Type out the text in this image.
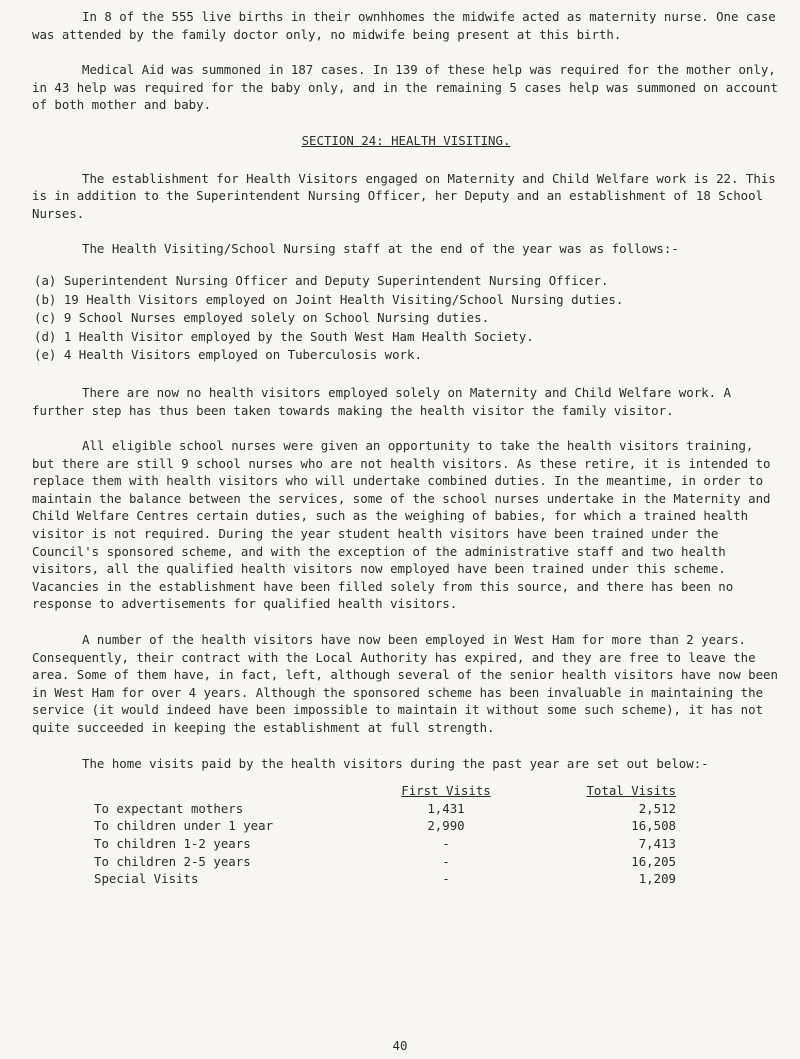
In 8 of the 555 live births in their ownhhomes the midwife acted as maternity nurse. One case was attended by the family doctor only, no midwife being present at this birth.

Medical Aid was summoned in 187 cases. In 139 of these help was required for the mother only, in 43 help was required for the baby only, and in the remaining 5 cases help was summoned on account of both mother and baby.

SECTION 24: HEALTH VISITING.

The establishment for Health Visitors engaged on Maternity and Child Welfare work is 22. This is in addition to the Superintendent Nursing Officer, her Deputy and an establishment of 18 School Nurses.

The Health Visiting/School Nursing staff at the end of the year was as follows:-

(a) Superintendent Nursing Officer and Deputy Superintendent Nursing Officer.
(b) 19 Health Visitors employed on Joint Health Visiting/School Nursing duties.
(c) 9 School Nurses employed solely on School Nursing duties.
(d) 1 Health Visitor employed by the South West Ham Health Society.
(e) 4 Health Visitors employed on Tuberculosis work.

There are now no health visitors employed solely on Maternity and Child Welfare work. A further step has thus been taken towards making the health visitor the family visitor.

All eligible school nurses were given an opportunity to take the health visitors training, but there are still 9 school nurses who are not health visitors. As these retire, it is intended to replace them with health visitors who will undertake combined duties. In the meantime, in order to maintain the balance between the services, some of the school nurses undertake in the Maternity and Child Welfare Centres certain duties, such as the weighing of babies, for which a trained health visitor is not required. During the year student health visitors have been trained under the Council's sponsored scheme, and with the exception of the administrative staff and two health visitors, all the qualified health visitors now employed have been trained under this scheme. Vacancies in the establishment have been filled solely from this source, and there has been no response to advertisements for qualified health visitors.

A number of the health visitors have now been employed in West Ham for more than 2 years. Consequently, their contract with the Local Authority has expired, and they are free to leave the area. Some of them have, in fact, left, although several of the senior health visitors have now been in West Ham for over 4 years. Although the sponsored scheme has been invaluable in maintaining the service (it would indeed have been impossible to maintain it without some such scheme), it has not quite succeeded in keeping the establishment at full strength.

The home visits paid by the health visitors during the past year are set out below:-

	First Visits	Total Visits
To expectant mothers	1,431	2,512
To children under 1 year	2,990	16,508
To children 1-2 years	-	7,413
To children 2-5 years	-	16,205
Special Visits	-	1,209
40
